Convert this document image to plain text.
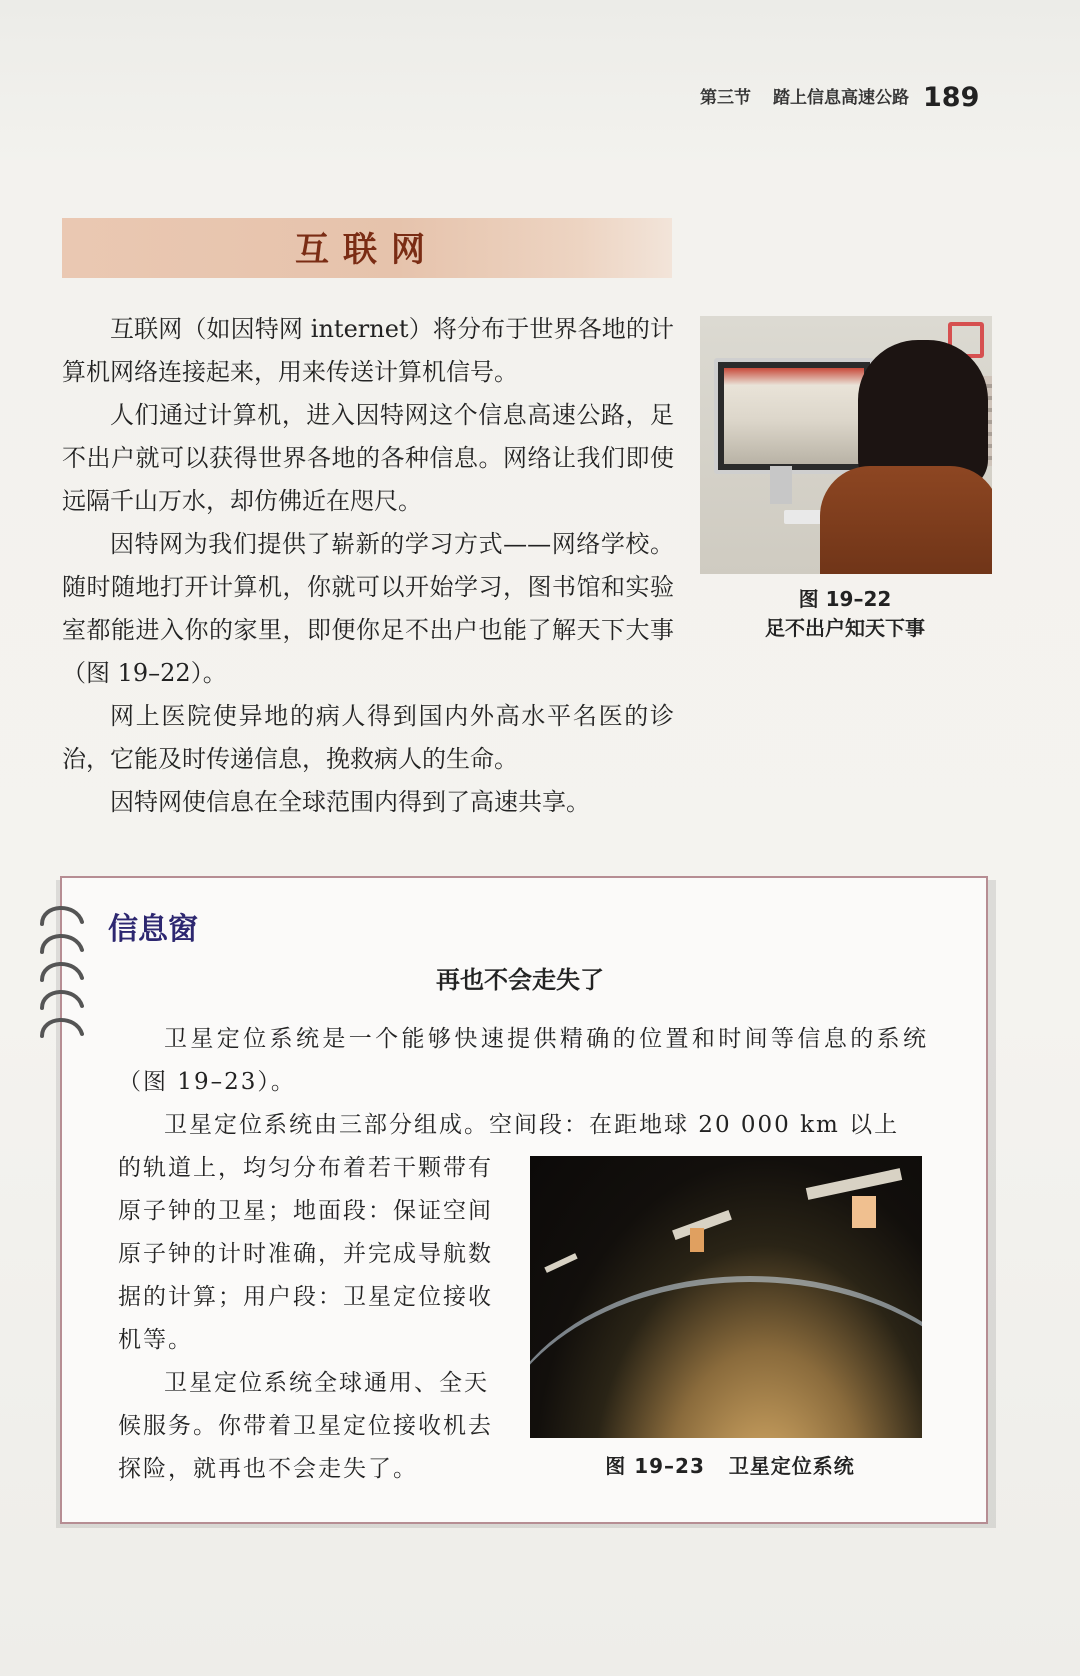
第三节 踏上信息高速公路 189
互联网

互联网（如因特网 internet）将分布于世界各地的计算机网络连接起来，用来传送计算机信号。

人们通过计算机，进入因特网这个信息高速公路，足不出户就可以获得世界各地的各种信息。网络让我们即使远隔千山万水，却仿佛近在咫尺。

因特网为我们提供了崭新的学习方式——网络学校。随时随地打开计算机，你就可以开始学习，图书馆和实验室都能进入你的家里，即便你足不出户也能了解天下大事（图 19–22）。

网上医院使异地的病人得到国内外高水平名医的诊治，它能及时传递信息，挽救病人的生命。

因特网使信息在全球范围内得到了高速共享。

图 19–22
足不出户知天下事
信息窗
再也不会走失了
卫星定位系统是一个能够快速提供精确的位置和时间等信息的系统（图 19–23）。
卫星定位系统由三部分组成。空间段：在距地球 20 000 km 以上
的轨道上，均匀分布着若干颗带有原子钟的卫星；地面段：保证空间原子钟的计时准确，并完成导航数据的计算；用户段：卫星定位接收机等。
卫星定位系统全球通用、全天候服务。你带着卫星定位接收机去探险，就再也不会走失了。	图 19–23 卫星定位系统
